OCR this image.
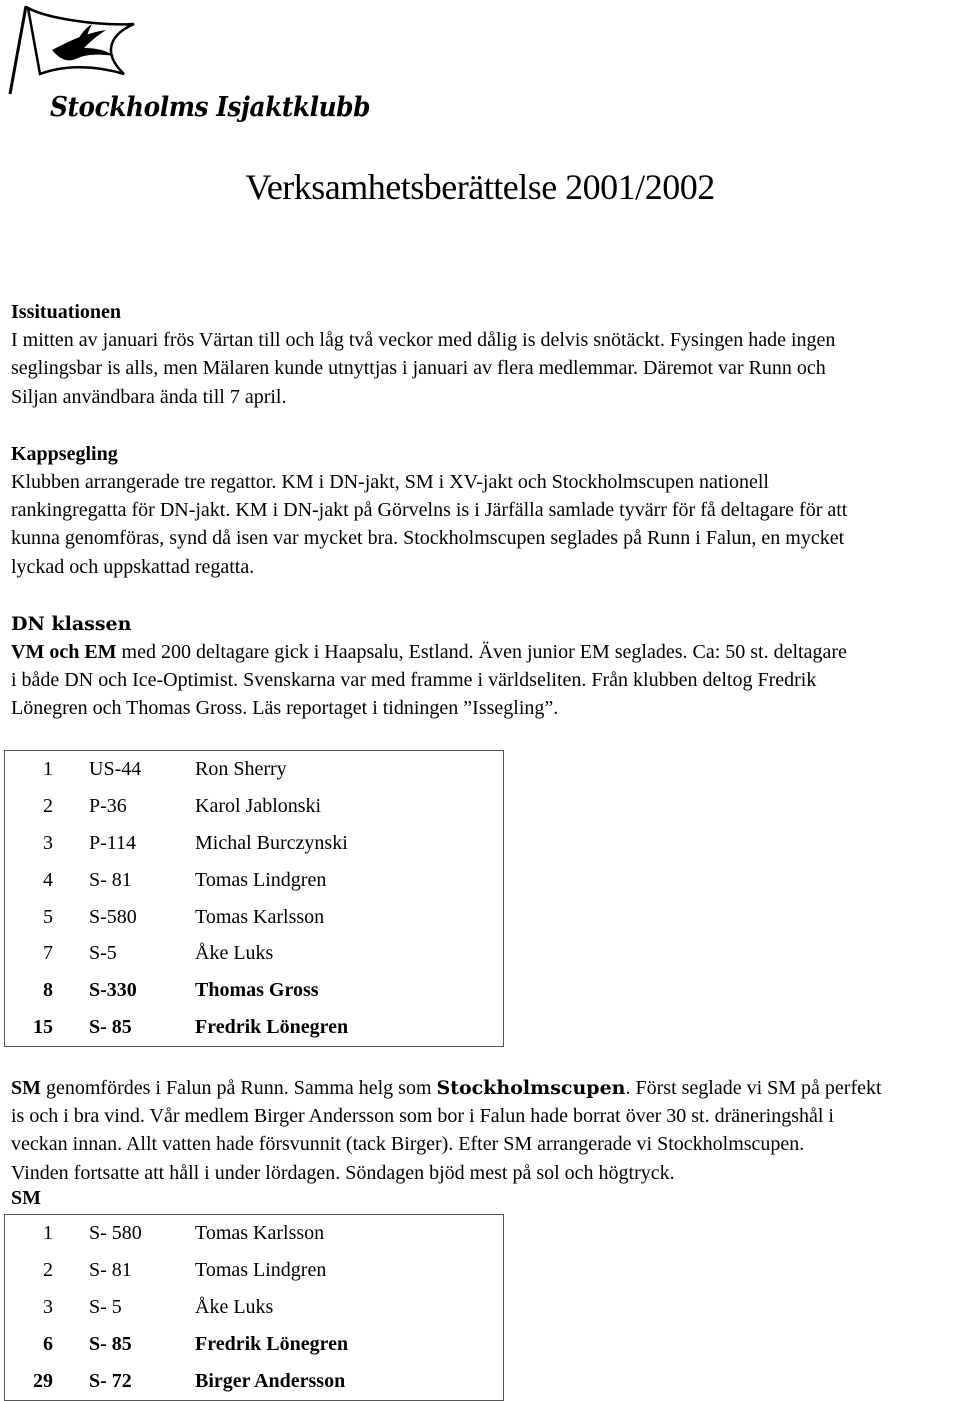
Stockholms Isjaktklubb
Verksamhetsberättelse 2001/2002
Issituationen
I mitten av januari frös Värtan till och låg två veckor med dålig is delvis snötäckt. Fysingen hade ingen
seglingsbar is alls, men Mälaren kunde utnyttjas i januari av flera medlemmar. Däremot var Runn och
Siljan användbara ända till 7 april.
Kappsegling
Klubben arrangerade tre regattor. KM i DN-jakt, SM i XV-jakt och Stockholmscupen nationell
rankingregatta för DN-jakt. KM i DN-jakt på Görvelns is i Järfälla samlade tyvärr för få deltagare för att
kunna genomföras, synd då isen var mycket bra. Stockholmscupen seglades på Runn i Falun, en mycket
lyckad och uppskattad regatta.
DN klassen
VM och EM med 200 deltagare gick i Haapsalu, Estland. Även junior EM seglades. Ca: 50 st. deltagare
i både DN och Ice-Optimist. Svenskarna var med framme i världseliten. Från klubben deltog Fredrik
Lönegren och Thomas Gross. Läs reportaget i tidningen ”Issegling”.
1	US-44	Ron Sherry
2	P-36	Karol Jablonski
3	P-114	Michal Burczynski
4	S- 81	Tomas Lindgren
5	S-580	Tomas Karlsson
7	S-5	Åke Luks
8	S-330	Thomas Gross
15	S- 85	Fredrik Lönegren
SM genomfördes i Falun på Runn. Samma helg som Stockholmscupen. Först seglade vi SM på perfekt
is och i bra vind. Vår medlem Birger Andersson som bor i Falun hade borrat över 30 st. dräneringshål i
veckan innan. Allt vatten hade försvunnit (tack Birger). Efter SM arrangerade vi Stockholmscupen.
Vinden fortsatte att håll i under lördagen. Söndagen bjöd mest på sol och högtryck.
SM
1	S- 580	Tomas Karlsson
2	S- 81	Tomas Lindgren
3	S- 5	Åke Luks
6	S- 85	Fredrik Lönegren
29	S- 72	Birger Andersson
